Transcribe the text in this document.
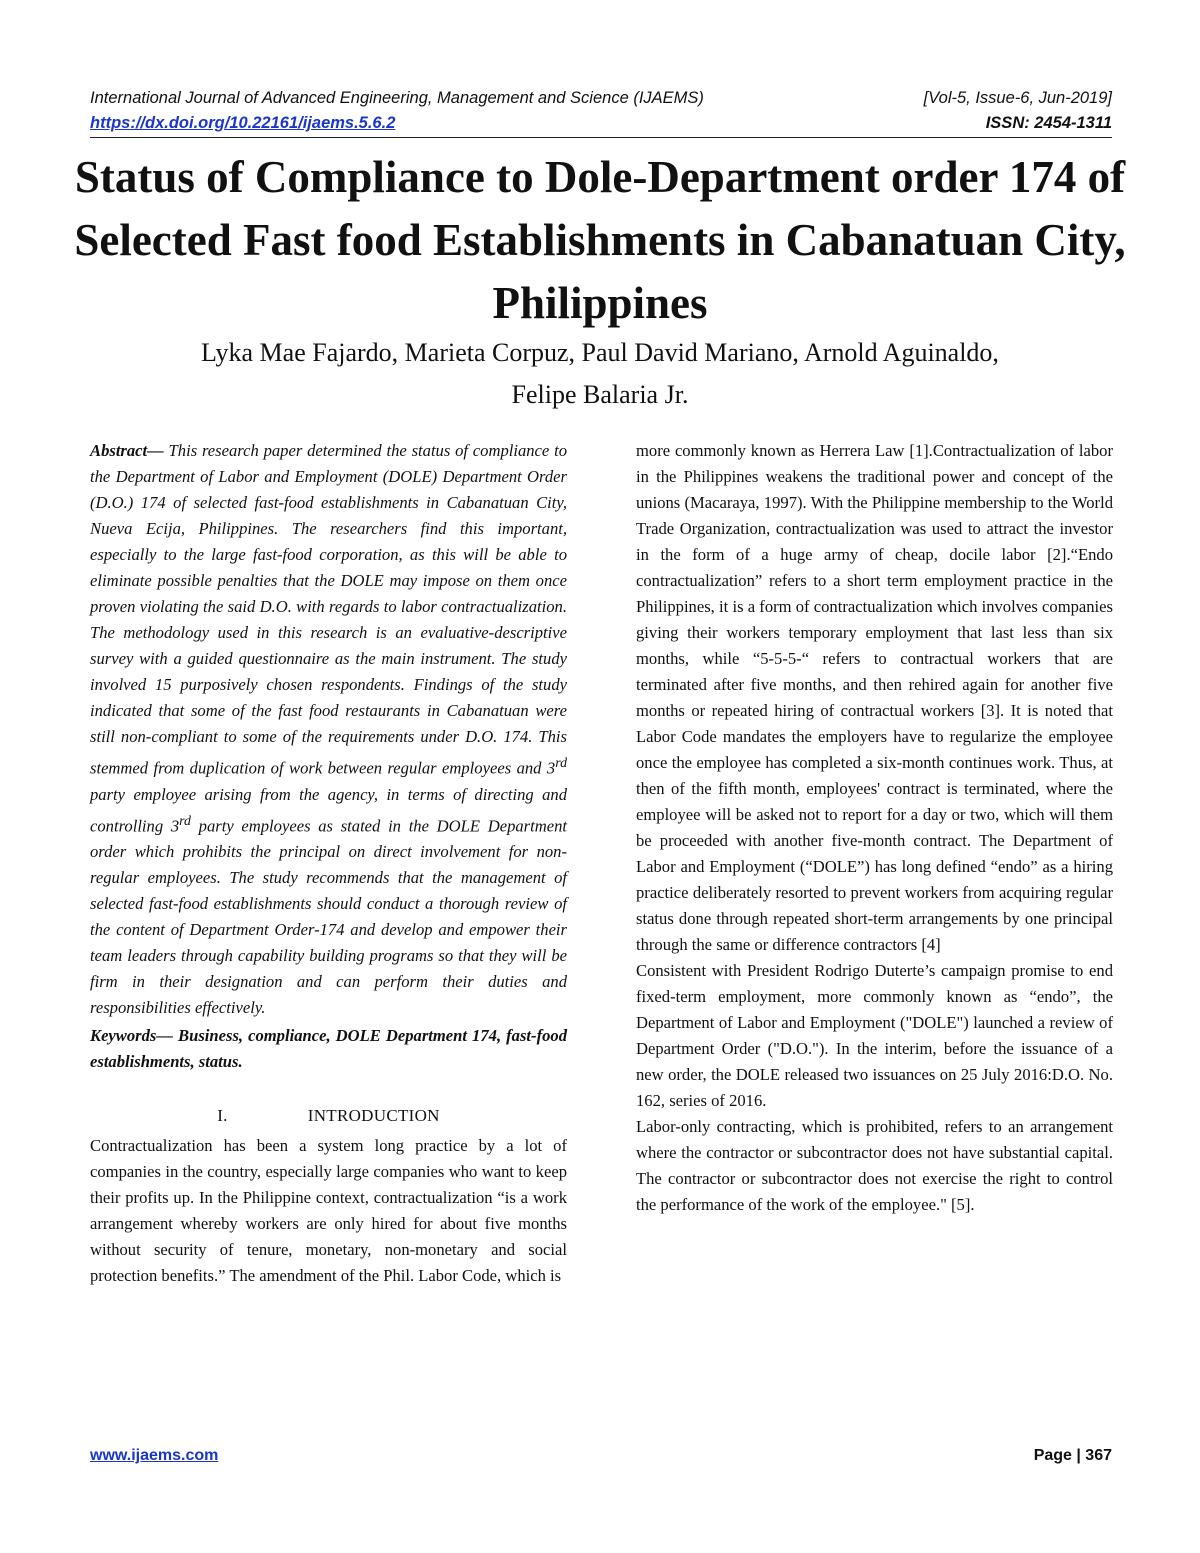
International Journal of Advanced Engineering, Management and Science (IJAEMS)	[Vol-5, Issue-6, Jun-2019]
https://dx.doi.org/10.22161/ijaems.5.6.2	ISSN: 2454-1311
Status of Compliance to Dole-Department order 174 of Selected Fast food Establishments in Cabanatuan City, Philippines
Lyka Mae Fajardo, Marieta Corpuz, Paul David Mariano, Arnold Aguinaldo,
Felipe Balaria Jr.

Abstract— This research paper determined the status of compliance to the Department of Labor and Employment (DOLE) Department Order (D.O.) 174 of selected fast-food establishments in Cabanatuan City, Nueva Ecija, Philippines. The researchers find this important, especially to the large fast-food corporation, as this will be able to eliminate possible penalties that the DOLE may impose on them once proven violating the said D.O. with regards to labor contractualization. The methodology used in this research is an evaluative-descriptive survey with a guided questionnaire as the main instrument. The study involved 15 purposively chosen respondents. Findings of the study indicated that some of the fast food restaurants in Cabanatuan were still non-compliant to some of the requirements under D.O. 174. This stemmed from duplication of work between regular employees and 3rd party employee arising from the agency, in terms of directing and controlling 3rd party employees as stated in the DOLE Department order which prohibits the principal on direct involvement for non-regular employees. The study recommends that the management of selected fast-food establishments should conduct a thorough review of the content of Department Order-174 and develop and empower their team leaders through capability building programs so that they will be firm in their designation and can perform their duties and responsibilities effectively.

Keywords— Business, compliance, DOLE Department 174, fast-food establishments, status.

I.	INTRODUCTION

Contractualization has been a system long practice by a lot of companies in the country, especially large companies who want to keep their profits up. In the Philippine context, contractualization “is a work arrangement whereby workers are only hired for about five months without security of tenure, monetary, non-monetary and social protection benefits.” The amendment of the Phil. Labor Code, which is

more commonly known as Herrera Law [1].Contractualization of labor in the Philippines weakens the traditional power and concept of the unions (Macaraya, 1997). With the Philippine membership to the World Trade Organization, contractualization was used to attract the investor in the form of a huge army of cheap, docile labor [2].“Endo contractualization” refers to a short term employment practice in the Philippines, it is a form of contractualization which involves companies giving their workers temporary employment that last less than six months, while “5-5-5-“ refers to contractual workers that are terminated after five months, and then rehired again for another five months or repeated hiring of contractual workers [3]. It is noted that Labor Code mandates the employers have to regularize the employee once the employee has completed a six-month continues work. Thus, at then of the fifth month, employees' contract is terminated, where the employee will be asked not to report for a day or two, which will them be proceeded with another five-month contract. The Department of Labor and Employment (“DOLE”) has long defined “endo” as a hiring practice deliberately resorted to prevent workers from acquiring regular status done through repeated short-term arrangements by one principal through the same or difference contractors [4]

Consistent with President Rodrigo Duterte’s campaign promise to end fixed-term employment, more commonly known as “endo”, the Department of Labor and Employment ("DOLE") launched a review of Department Order ("D.O."). In the interim, before the issuance of a new order, the DOLE released two issuances on 25 July 2016:D.O. No. 162, series of 2016.

Labor-only contracting, which is prohibited, refers to an arrangement where the contractor or subcontractor does not have substantial capital. The contractor or subcontractor does not exercise the right to control the performance of the work of the employee." [5].

www.ijaems.com	Page | 367
